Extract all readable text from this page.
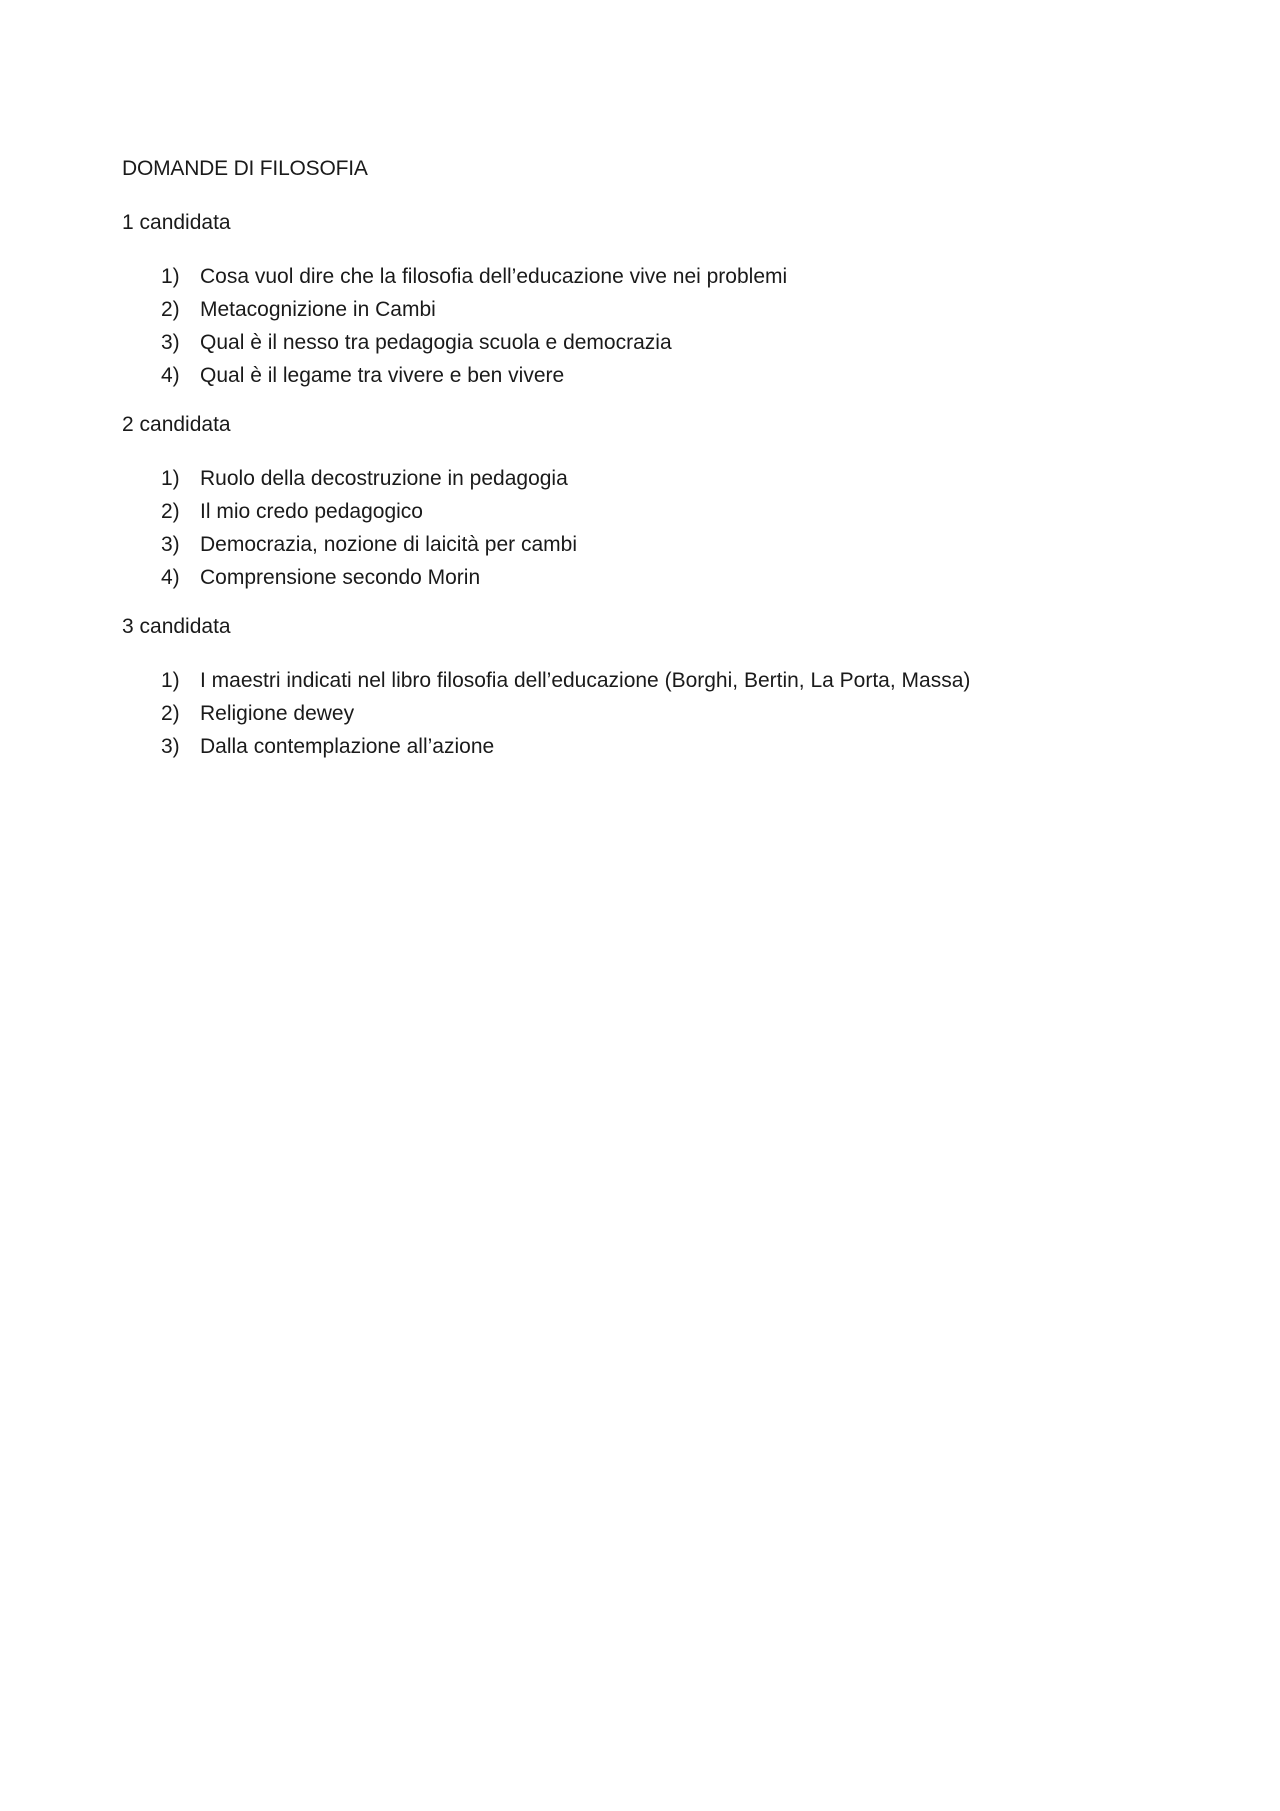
DOMANDE DI FILOSOFIA
1 candidata
1) Cosa vuol dire che la filosofia dell’educazione vive nei problemi
2) Metacognizione in Cambi
3) Qual è il nesso tra pedagogia scuola e democrazia
4) Qual è il legame tra vivere e ben vivere
2 candidata
1) Ruolo della decostruzione in pedagogia
2) Il mio credo pedagogico
3) Democrazia, nozione di laicità per cambi
4) Comprensione secondo Morin
3 candidata
1) I maestri indicati nel libro filosofia dell’educazione (Borghi, Bertin, La Porta, Massa)
2) Religione dewey
3) Dalla contemplazione all’azione
